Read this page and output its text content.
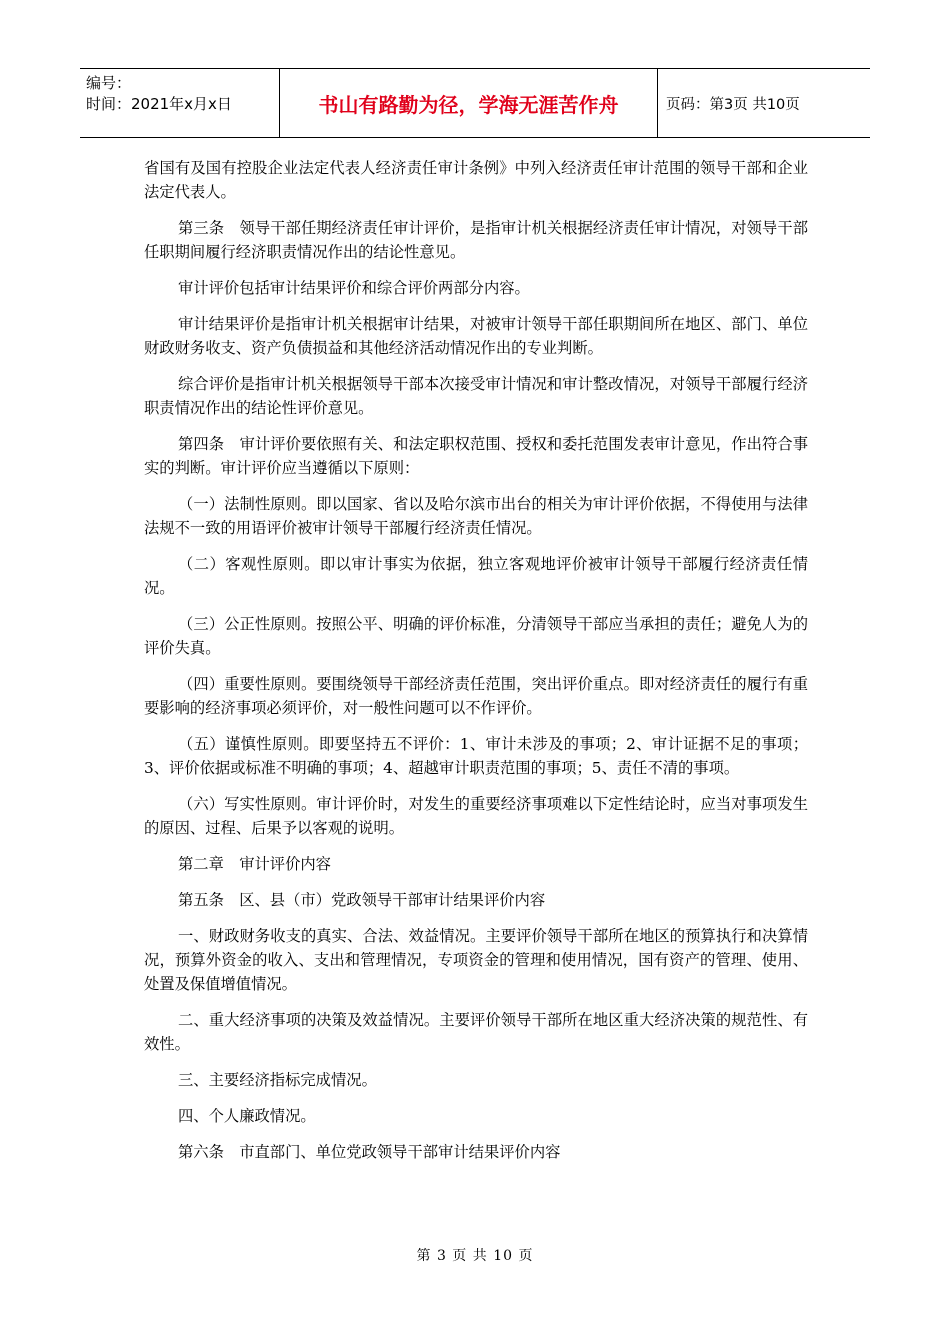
编号：
时间：2021年x月x日	书山有路勤为径，学海无涯苦作舟	页码：第3页 共10页

省国有及国有控股企业法定代表人经济责任审计条例》中列入经济责任审计范围的领导干部和企业法定代表人。

第三条　领导干部任期经济责任审计评价，是指审计机关根据经济责任审计情况，对领导干部任职期间履行经济职责情况作出的结论性意见。

审计评价包括审计结果评价和综合评价两部分内容。

审计结果评价是指审计机关根据审计结果，对被审计领导干部任职期间所在地区、部门、单位财政财务收支、资产负债损益和其他经济活动情况作出的专业判断。

综合评价是指审计机关根据领导干部本次接受审计情况和审计整改情况，对领导干部履行经济职责情况作出的结论性评价意见。

第四条　审计评价要依照有关、和法定职权范围、授权和委托范围发表审计意见，作出符合事实的判断。审计评价应当遵循以下原则：

（一）法制性原则。即以国家、省以及哈尔滨市出台的相关为审计评价依据，不得使用与法律法规不一致的用语评价被审计领导干部履行经济责任情况。

（二）客观性原则。即以审计事实为依据，独立客观地评价被审计领导干部履行经济责任情况。

（三）公正性原则。按照公平、明确的评价标准，分清领导干部应当承担的责任；避免人为的评价失真。

（四）重要性原则。要围绕领导干部经济责任范围，突出评价重点。即对经济责任的履行有重要影响的经济事项必须评价，对一般性问题可以不作评价。

（五）谨慎性原则。即要坚持五不评价：1、审计未涉及的事项；2、审计证据不足的事项；3、评价依据或标准不明确的事项；4、超越审计职责范围的事项；5、责任不清的事项。

（六）写实性原则。审计评价时，对发生的重要经济事项难以下定性结论时，应当对事项发生的原因、过程、后果予以客观的说明。

第二章　审计评价内容

第五条　区、县（市）党政领导干部审计结果评价内容

一、财政财务收支的真实、合法、效益情况。主要评价领导干部所在地区的预算执行和决算情况，预算外资金的收入、支出和管理情况，专项资金的管理和使用情况，国有资产的管理、使用、处置及保值增值情况。

二、重大经济事项的决策及效益情况。主要评价领导干部所在地区重大经济决策的规范性、有效性。

三、主要经济指标完成情况。

四、个人廉政情况。

第六条　市直部门、单位党政领导干部审计结果评价内容

第 3 页 共 10 页
